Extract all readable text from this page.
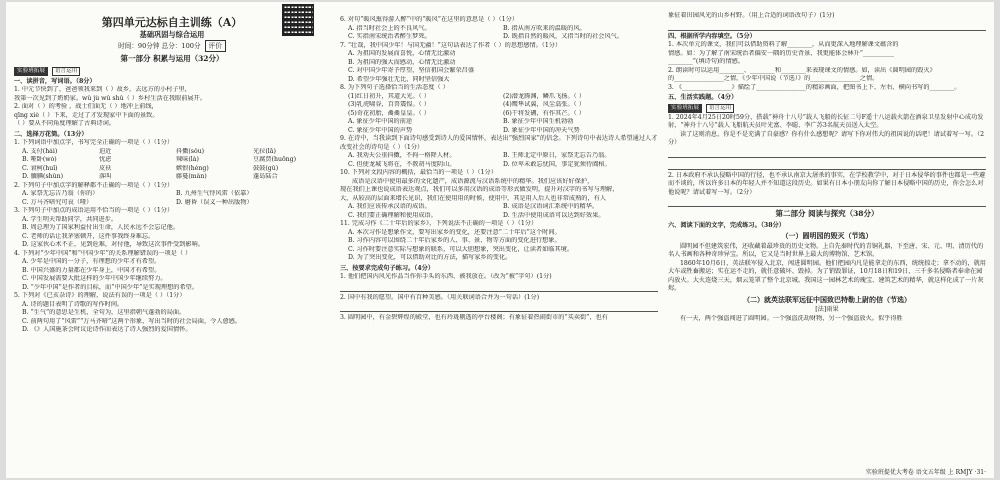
第四单元达标自主训练（A）
基础巩固与综合运用
时间：90分钟 总分：100分 评价
第一部分 积累与运用（32分）
实验班拓展 语言运用
一、读拼音，写词语。（8分）
1. 中元节快到了，爸爸领我来到（ ）故乡，去远方的小村子里，
我第一次见到了奶奶家。wǔ jù wǔ shǔ（ ）乡村生活在我眼前展开。
2. 面对（ ）的考验 ，战士们面无（ ）地冲上前线，
qīng xiè（ ）下来，走过了才发现家中下面的景致。
（ ）要从不同角度理解了古典诗词。
二、选择万花筒。（13分）
1. 下列词语中加点字，书写完全正确的一项是（ ）（1分）
A. 支付(hái)	迫近	抖擞(sǒu)	光拉(lā)
B. 哑卧(wò)	忧虑	辣味(là)	豆腐贾(huōng)
C. 衰柯(huǐ)	皮袄	嫉恨(hèng)	鼓鼓(gǔ)
D. 腼腆(shǔn)	落叫	藤蔓(màn)	蓬岛陆合
2. 下列句子中加点字的解释都不正确的一项是（ ）（1分）
A. 家祭无忘告乃翁（你的）	B. 九州生气恃风雷（依靠）
C. 万马齐喑究可哀（哑）	D. 磨昏（误义一种出版物）
3. 下列句子中加点的成语运用不恰当的一项是（ ）（1分）
A. 学生明天帮助同学，共同进步。
B. 周总理为了国家利益付出生命，人民永远不会忘记他。
C. 老师的话让我茅塞顿开，这件事我终身难忘。
D. 这家伙心术不正，见到危难，对付他，导致这次事件受到影响。
4. 下列对“少年中国”和“中国少年”的关系理解错误的一项是（ ）
A. 少年是中国的一分子，有理想的少年才有希望。
B. 中国兴盛的力量都在少年身上，中国才有希望。
C. 中国发展需要大批这样的少年中国少年继续努力。
D. “少年中国”是作者的目标，而“中国少年”是实现理想的希望。
5. 下列对《已亥杂诗》的理解，说法有误的一项是（ ）（1分）
A. 诗的题目表明了诗歌的写作时间。
B. “生气”的意思是生机，全句为，这里指朝气蓬勃的局面。
C. 前两句用了“风雷”“万马齐喑”这两个形象，写出当时的社会局面，令人愈感。
D. 《》人国施茶会时议论诗作而表达了诗人强烈的爱国情怀。
6. 对句“暖风熏得游人醉”中的“暖风”在这里的意思是（ ）（1分）
A. 指当时社会上的不良风气。	B. 指从南方吹来的温暖的风。
C. 实指南宋统治者醉生梦死。	D. 既指自然的暖风，又指当时的社会风气。
7. “壮哉，我中国少年！与国无疆！”这句话表达了作者（ ）的思想感情。（1分）
A. 为祖国的发展而喜悦，心情无比激动
B. 为祖国的强大而感动，心情无比激动
C. 对中国少年寄予厚望，坚信祖国会繁荣昌盛
D. 希望少年强壮无比，同时坚信强大
8. 为下列句子选择恰当的生活态度（ ）
(1)红日初升，其道大光。（ ）	(2)潜龙腾渊，鳞爪飞扬。（ ）
(3)乳虎啸谷，百兽震惶。（ ）	(4)鹰隼试翼，风尘翕张。（ ）
(5)奇花初胎，矞矞皇皇。（ ）	(6)干将发硎，有作其芒。（ ）
A. 象征少年中国的前途	B. 象征少年中国生机勃勃
C. 象征少年中国的声势	D. 象征少年中国的冲天气势
9. 在诗中，当我读到下面诗句感受到诗人的爱国情怀，表达出“强烈国家”的信念。下列诗句中表达诗人希望通过人才改变社会的诗句是（ ）（1分）
A. 我劝天公重抖擞，不拘一格降人材。	B. 王师北定中原日，家祭无忘告乃翁。
C. 但使龙城飞将在，不教胡马度阴山。	D. 位卑未敢忘忧国，事定犹须待阖棺。
10. 下列对文段内容的概括，最恰当的一项是（ ）（1分）
成语是汉语中使用最多的文化遗产，成语源流与汉语系统中的精华。我们应该好好保护，
现在我们上课也说成语表达观点，我们可以多用汉语的成语等形式做发明，提升对汉字的书写与理解，
大，从较高的层面来增长见识，我们在使用用的时候，使用中，其是用人后人也非常成熟的，有人
A. 我们应该传承汉语的成语。	B. 成语是汉语词汇系统中的精华。
C. 我们要正确理解和使用成语。	D. 生活中使用成语可以达到好效果。
11. 完成习作《二十年后的家乡》，下列说法不正确的一项是（ ）（1分）
A. 本次习作是想象作文，要写出家乡的变化，还要注意“二十年后”这个时间。
B. 习作内容可以围绕二十年后家乡的人、事、景、物等方面的变化进行想象。
C. 习作时要注意实际与想象的联系，可以大胆想象，突出变化，让读者如临其境。
D. 为了突出变化，可以借助对比的方法，描写家乡的变化。
三、按要求完成句子练习。（4分）
1. 他们把国内风光作品当作你手头的东西、被我放在。（改为“被”字句）(1分)
2. 国中有我的愿望。国中有百种美感。（用关联词语合并为一句话）(1分)
3. 圆明园中，有金碧辉煌的殿堂，也有玲珑剔透的亭台楼阁；有象征着热闹街市的“买卖街”，也有
象征着田园风光的山乡村野。（用上合适的词语改句子）(1分)
四、根据所学内容填空。（5分）
1. 本次单元的课文，我们可以借助资料了解________，从而更深入地理解课文蕴含的
情感。如：为了解了南宋统治者偏安一隅的历史背景，我更能体会林升“__________
________”(填诗句)的情感。
2. 朗读时可以运用________、________和________来表现课文的情感。如，读出《圆明园的毁灭》
的________________之情，《少年中国说（节选）》的________________之情。
3. 《________________》描绘了________________的精彩画面，把图书上下、左右、横向书写的________。
五、生活实践题。（4分）
实验班拓展 语言运用
1. 2024年4月25日20时59分，搭载“神舟十八号”载人飞船的长征二号F遥十八运载火箭在酒泉卫星发射中心成功发射，“神舟十八号”载人飞船航天员叶光富、李聪、李广苏3名航天员送入太空。
读了这则消息，你是不是充满了自豪感？你有什么感想呢？请写下你对伟大的祖国说的话吧！请试着写一写。（2分）
2. 日本政府不承认侵略中国的行径，也不承认南京大屠杀的事实，在学校教学中，对于日本侵华的事件也都是一些避而不谈的，所以许多日本的年轻人并不知道这段历史。如果有日本小朋友向你了解日本侵略中国的历史，你会怎么对他说呢？请试着写一写。（2分）
第二部分 阅读与探究（38分）
六、阅读下面的文字，完成练习。（38分）
（一）圆明园的毁灭（节选）
圆明园不但建筑宏伟，还收藏着最珍贵的历史文物。上自先秦时代的青铜礼器，下至唐、宋、元、明、清历代的名人书画和各种奇珍异宝。所以，它又是当时世界上最大的博物馆、艺术馆。
1860年10月6日，英法联军侵入北京，闯进圆明园。他们把园内凡是能拿走的东西，统统掠走；拿不动的，就用大车或牲畜搬运；实在运不走的，就任意破坏、毁掉。为了销毁罪证，10月18日和19日，三千多名侵略者奉命在园内放火。大火连烧三天，烟云笼罩了整个北京城。我国这一园林艺术的瑰宝、建筑艺术的精华，就这样化成了一片灰烬。
（二）就英法联军远征中国致巴特勒上尉的信（节选）
[法]雨果
有一天，两个强盗闯进了圆明园。一个强盗洗劫财物，另一个强盗放火。似乎得胜
实验班提优大考卷 语文五年级 上 RMJY ·31·
